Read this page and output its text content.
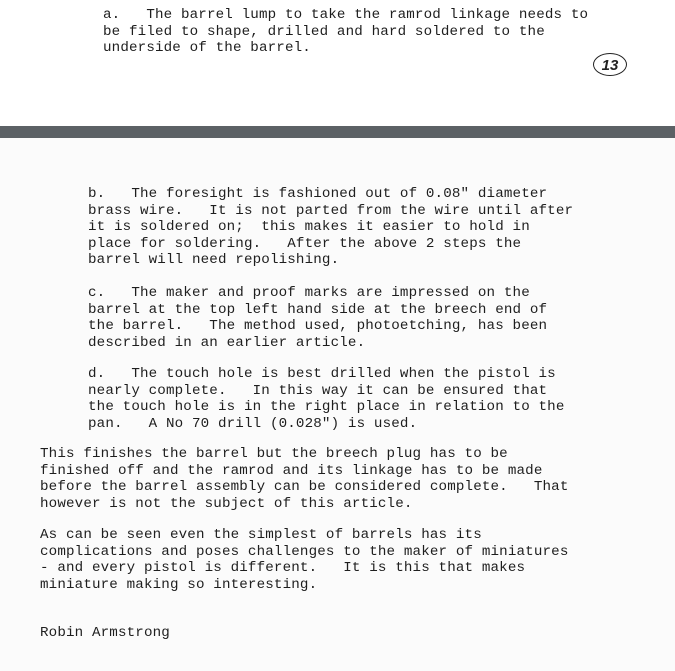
a.   The barrel lump to take the ramrod linkage needs to
be filed to shape, drilled and hard soldered to the
underside of the barrel.

13

b.   The foresight is fashioned out of 0.08" diameter
brass wire.   It is not parted from the wire until after
it is soldered on;  this makes it easier to hold in
place for soldering.   After the above 2 steps the
barrel will need repolishing.

c.   The maker and proof marks are impressed on the
barrel at the top left hand side at the breech end of
the barrel.   The method used, photoetching, has been
described in an earlier article.

d.   The touch hole is best drilled when the pistol is
nearly complete.   In this way it can be ensured that
the touch hole is in the right place in relation to the
pan.   A No 70 drill (0.028") is used.

This finishes the barrel but the breech plug has to be
finished off and the ramrod and its linkage has to be made
before the barrel assembly can be considered complete.   That
however is not the subject of this article.

As can be seen even the simplest of barrels has its
complications and poses challenges to the maker of miniatures
- and every pistol is different.   It is this that makes
miniature making so interesting.

Robin Armstrong
